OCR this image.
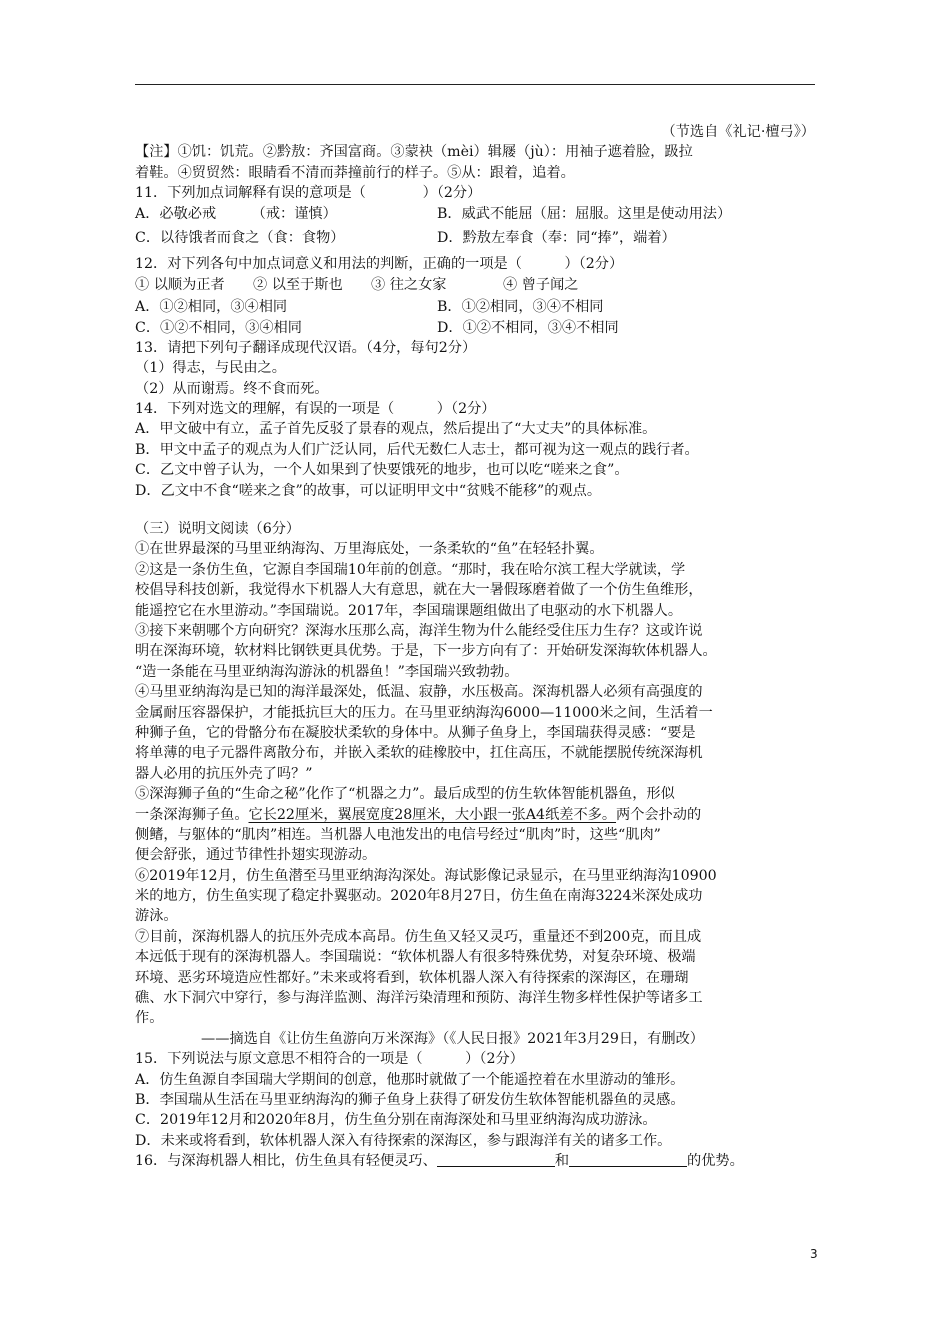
（节选自《礼记·檀弓》）
【注】①饥：饥荒。②黔敖：齐国富商。③蒙袂（mèi）辑屦（jù）：用袖子遮着脸，趿拉
着鞋。④贸贸然：眼睛看不清而莽撞前行的样子。⑤从：跟着，追着。
11．下列加点词解释有误的意项是（　　　　）（2分）
A．必敬必戒　　　（戒：谨慎）	B．威武不能屈（屈：屈服。这里是使动用法）
C．以待饿者而食之（食：食物）	D．黔敖左奉食（奉：同“捧”，端着）
12．对下列各句中加点词意义和用法的判断，正确的一项是（　　　）（2分）
① 以顺为正者	② 以至于斯也	③ 往之女家	④ 曾子闻之
A．①②相同，③④相同	B．①②相同，③④不相同
C．①②不相同，③④相同	D．①②不相同，③④不相同
13．请把下列句子翻译成现代汉语。（4分，每句2分）
（1）得志，与民由之。
（2）从而谢焉。终不食而死。
14．下列对选文的理解，有误的一项是（　　　）（2分）
A．甲文破中有立，孟子首先反驳了景春的观点，然后提出了“大丈夫”的具体标准。
B．甲文中孟子的观点为人们广泛认同，后代无数仁人志士，都可视为这一观点的践行者。
C．乙文中曾子认为，一个人如果到了快要饿死的地步，也可以吃“嗟来之食”。
D．乙文中不食“嗟来之食”的故事，可以证明甲文中“贫贱不能移”的观点。
（三）说明文阅读（6分）
①在世界最深的马里亚纳海沟、万里海底处，一条柔软的“鱼”在轻轻扑翼。
②这是一条仿生鱼，它源自李国瑞10年前的创意。“那时，我在哈尔滨工程大学就读，学
校倡导科技创新，我觉得水下机器人大有意思，就在大一暑假琢磨着做了一个仿生鱼维形，
能遥控它在水里游动。”李国瑞说。2017年，李国瑞课题组做出了电驱动的水下机器人。
③接下来朝哪个方向研究？深海水压那么高，海洋生物为什么能经受住压力生存？这或许说
明在深海环境，软材料比钢铁更具优势。于是，下一步方向有了：开始研发深海软体机器人。
“造一条能在马里亚纳海沟游泳的机器鱼！”李国瑞兴致勃勃。
④马里亚纳海沟是已知的海洋最深处，低温、寂静，水压极高。深海机器人必须有高强度的
金属耐压容器保护，才能抵抗巨大的压力。在马里亚纳海沟6000—11000米之间，生活着一
种狮子鱼，它的骨骼分布在凝胶状柔软的身体中。从狮子鱼身上，李国瑞获得灵感：“要是
将单薄的电子元器件离散分布，并嵌入柔软的硅橡胶中，扛住高压，不就能摆脱传统深海机
器人必用的抗压外壳了吗？”
⑤深海狮子鱼的“生命之秘”化作了“机器之力”。最后成型的仿生软体智能机器鱼，形似
一条深海狮子鱼。它长22厘米，翼展宽度28厘米，大小跟一张A4纸差不多。两个会扑动的
侧鳍，与躯体的“肌肉”相连。当机器人电池发出的电信号经过“肌肉”时，这些“肌肉”
便会舒张，通过节律性扑翅实现游动。
⑥2019年12月，仿生鱼潜至马里亚纳海沟深处。海试影像记录显示，在马里亚纳海沟10900
米的地方，仿生鱼实现了稳定扑翼驱动。2020年8月27日，仿生鱼在南海3224米深处成功
游泳。
⑦目前，深海机器人的抗压外壳成本高昂。仿生鱼又轻又灵巧，重量还不到200克，而且成
本远低于现有的深海机器人。李国瑞说：“软体机器人有很多特殊优势，对复杂环境、极端
环境、恶劣环境造应性都好。”未来或将看到，软体机器人深入有待探索的深海区，在珊瑚
礁、水下洞穴中穿行，参与海洋监测、海洋污染清理和预防、海洋生物多样性保护等诸多工
作。
——摘选自《让仿生鱼游向万米深海》（《人民日报》2021年3月29日，有删改）
15．下列说法与原文意思不相符合的一项是（　　　）（2分）
A．仿生鱼源自李国瑞大学期间的创意，他那时就做了一个能遥控着在水里游动的雏形。
B．李国瑞从生活在马里亚纳海沟的狮子鱼身上获得了研发仿生软体智能机器鱼的灵感。
C．2019年12月和2020年8月，仿生鱼分别在南海深处和马里亚纳海沟成功游泳。
D．未来或将看到，软体机器人深入有待探索的深海区，参与跟海洋有关的诸多工作。
16．与深海机器人相比，仿生鱼具有轻便灵巧、	和	的优势。
3
